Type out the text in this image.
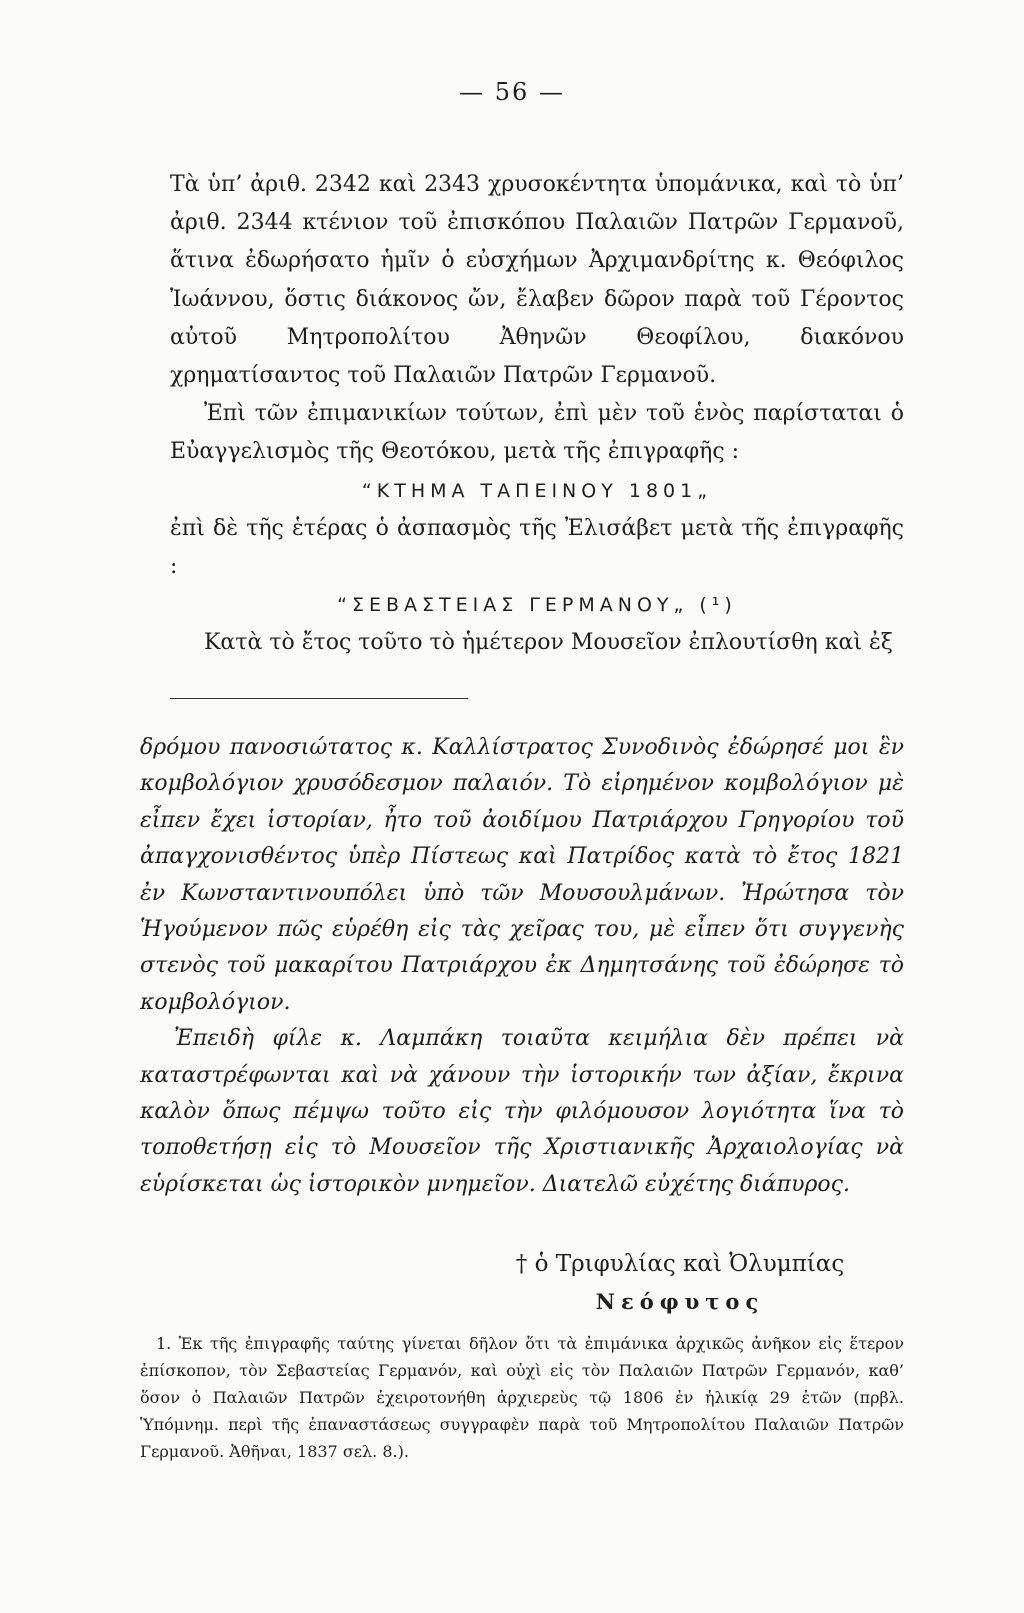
— 56 —

Τὰ ὑπ’ ἀριθ. 2342 καὶ 2343 χρυσοκέντητα ὑπομάνικα, καὶ τὸ ὑπ’ ἀριθ. 2344 κτένιον τοῦ ἐπισκόπου Παλαιῶν Πατρῶν Γερμανοῦ, ἅτινα ἐδωρήσατο ἡμῖν ὁ εὐσχήμων Ἀρχιμανδρίτης κ. Θεόφιλος Ἰωάννου, ὅστις διάκονος ὤν, ἔλαβεν δῶρον παρὰ τοῦ Γέροντος αὐτοῦ Μητροπολίτου Ἀθηνῶν Θεοφίλου, διακόνου χρηματίσαντος τοῦ Παλαιῶν Πατρῶν Γερμανοῦ.

Ἐπὶ τῶν ἐπιμανικίων τούτων, ἐπὶ μὲν τοῦ ἑνὸς παρίσταται ὁ Εὐαγγελισμὸς τῆς Θεοτόκου, μετὰ τῆς ἐπιγραφῆς :

“ΚΤΗΜΑ ΤΑΠΕΙΝΟΥ 1801„

ἐπὶ δὲ τῆς ἑτέρας ὁ ἀσπασμὸς τῆς Ἐλισάβετ μετὰ τῆς ἐπιγραφῆς :

“ΣΕΒΑΣΤΕΙΑΣ ΓΕΡΜΑΝΟΥ„ (¹)

Κατὰ τὸ ἔτος τοῦτο τὸ ἡμέτερον Μουσεῖον ἐπλουτίσθη καὶ ἐξ

δρόμου πανοσιώτατος κ. Καλλίστρατος Συνοδινὸς ἐδώρησέ μοι ἓν κομβολόγιον χρυσόδεσμον παλαιόν. Τὸ εἰρημένον κομβολόγιον μὲ εἶπεν ἔχει ἱστορίαν, ἦτο τοῦ ἀοιδίμου Πατριάρχου Γρηγορίου τοῦ ἀπαγχονισθέντος ὑπὲρ Πίστεως καὶ Πατρίδος κατὰ τὸ ἔτος 1821 ἐν Κωνσταντινουπόλει ὑπὸ τῶν Μουσουλμάνων. Ἠρώτησα τὸν Ἡγούμενον πῶς εὑρέθη εἰς τὰς χεῖρας του, μὲ εἶπεν ὅτι συγγενὴς στενὸς τοῦ μακαρίτου Πατριάρχου ἐκ Δημητσάνης τοῦ ἐδώρησε τὸ κομβολόγιον.

Ἐπειδὴ φίλε κ. Λαμπάκη τοιαῦτα κειμήλια δὲν πρέπει νὰ καταστρέφωνται καὶ νὰ χάνουν τὴν ἱστορικήν των ἀξίαν, ἔκρινα καλὸν ὅπως πέμψω τοῦτο εἰς τὴν φιλόμουσον λογιότητα ἵνα τὸ τοποθετήσῃ εἰς τὸ Μουσεῖον τῆς Χριστιανικῆς Ἀρχαιολογίας νὰ εὑρίσκεται ὡς ἱστορικὸν μνημεῖον. Διατελῶ εὐχέτης διάπυρος.

† ὁ Τριφυλίας καὶ Ὀλυμπίας
Νεόφυτος

1. Ἐκ τῆς ἐπιγραφῆς ταύτης γίνεται δῆλον ὅτι τὰ ἐπιμάνικα ἀρχικῶς ἀνῆκον εἰς ἕτερον ἐπίσκοπον, τὸν Σεβαστείας Γερμανόν, καὶ οὐχὶ εἰς τὸν Παλαιῶν Πατρῶν Γερμανόν, καθ’ ὅσον ὁ Παλαιῶν Πατρῶν ἐχειροτονήθη ἀρχιερεὺς τῷ 1806 ἐν ἡλικίᾳ 29 ἐτῶν (πρβλ. Ὑπόμνημ. περὶ τῆς ἐπαναστάσεως συγγραφὲν παρὰ τοῦ Μητροπολίτου Παλαιῶν Πατρῶν Γερμανοῦ. Ἀθῆναι, 1837 σελ. 8.).
